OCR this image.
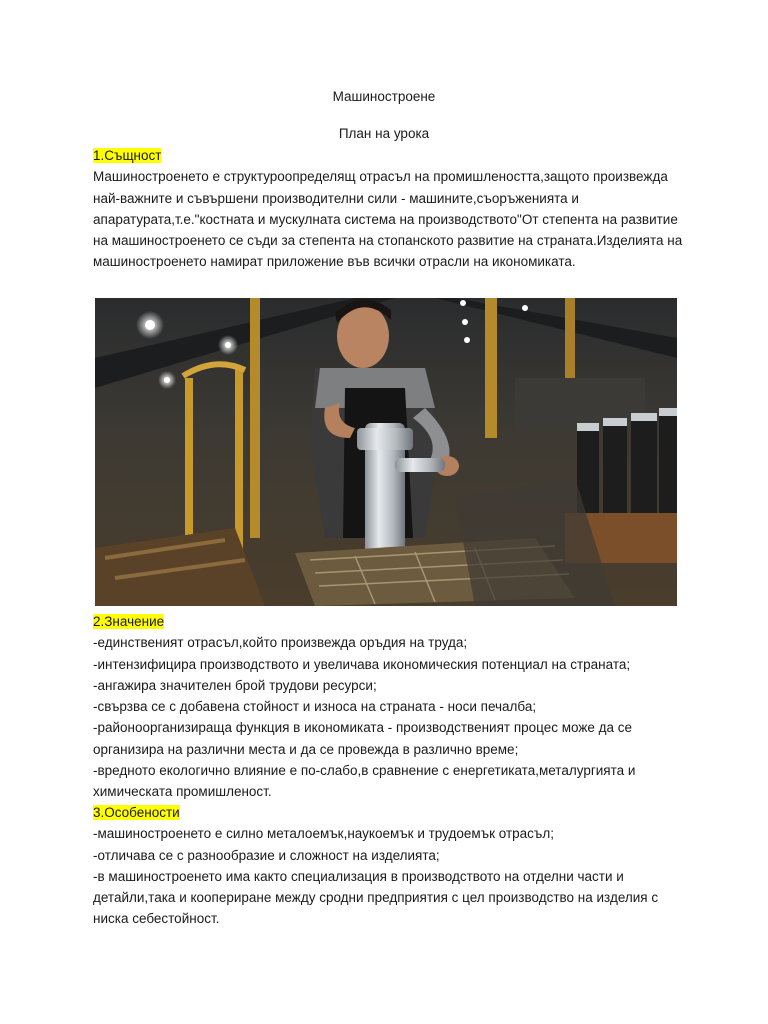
Машиностроене
План на урока

1.Същност

Машиностроенето е структуроопределящ отрасъл на промишлеността,защото произвежда най-важните и съвършени производителни сили - машините,съоръженията и апаратурата,т.е."костната и мускулната система на производството"От степента на развитие на машиностроенето се съди за степента на стопанското развитие на страната.Изделията на машиностроенето намират приложение във всички отрасли на икономиката.

2.Значение

-единственият отрасъл,който произвежда оръдия на труда;

-интензифицира производството и увеличава икономическия потенциал на страната;

-ангажира значителен брой трудови ресурси;

-свързва се с добавена стойност и износа на страната - носи печалба;

-районоорганизираща функция в икономиката - производственият процес може да се организира на различни места и да се провежда в различно време;

-вредното екологично влияние е по-слабо,в сравнение с енергетиката,металургията и химическата промишленост.

3.Особености

-машиностроенето е силно металоемък,наукоемък и трудоемък отрасъл;

-отличава се с разнообразие и сложност на изделията;

-в машиностроенето има както специализация в производството на отделни части и детайли,така и коопериране между сродни предприятия с цел производство на изделия с ниска себестойност.
